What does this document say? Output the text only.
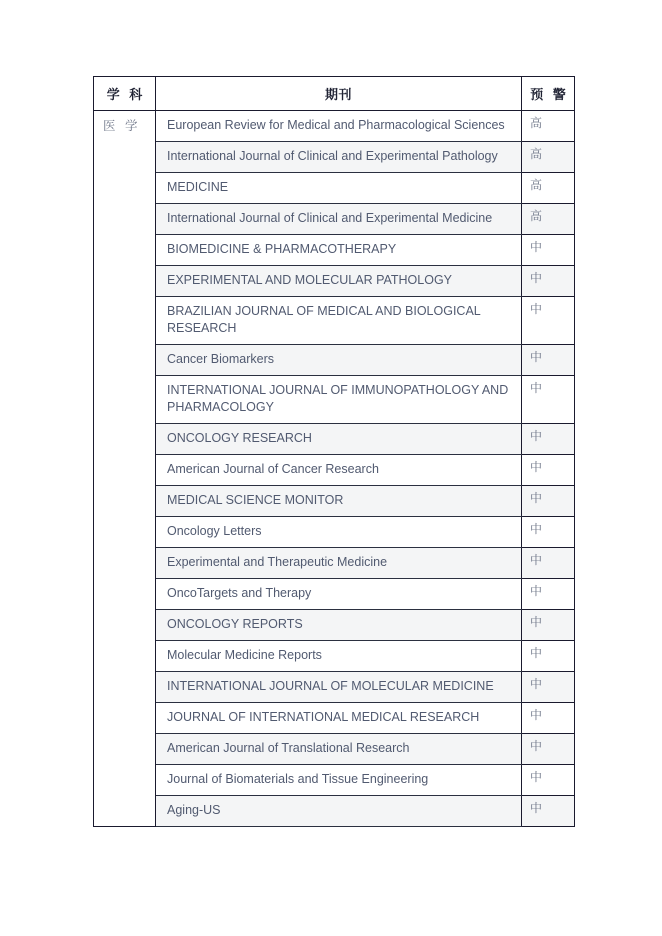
学 科	期刊	预 警
医 学	European Review for Medical and Pharmacological Sciences	高
	International Journal of Clinical and Experimental Pathology	高
	MEDICINE	高
	International Journal of Clinical and Experimental Medicine	高
	BIOMEDICINE & PHARMACOTHERAPY	中
	EXPERIMENTAL AND MOLECULAR PATHOLOGY	中
	BRAZILIAN JOURNAL OF MEDICAL AND BIOLOGICAL RESEARCH	中
	Cancer Biomarkers	中
	INTERNATIONAL JOURNAL OF IMMUNOPATHOLOGY AND PHARMACOLOGY	中
	ONCOLOGY RESEARCH	中
	American Journal of Cancer Research	中
	MEDICAL SCIENCE MONITOR	中
	Oncology Letters	中
	Experimental and Therapeutic Medicine	中
	OncoTargets and Therapy	中
	ONCOLOGY REPORTS	中
	Molecular Medicine Reports	中
	INTERNATIONAL JOURNAL OF MOLECULAR MEDICINE	中
	JOURNAL OF INTERNATIONAL MEDICAL RESEARCH	中
	American Journal of Translational Research	中
	Journal of Biomaterials and Tissue Engineering	中
	Aging-US	中
